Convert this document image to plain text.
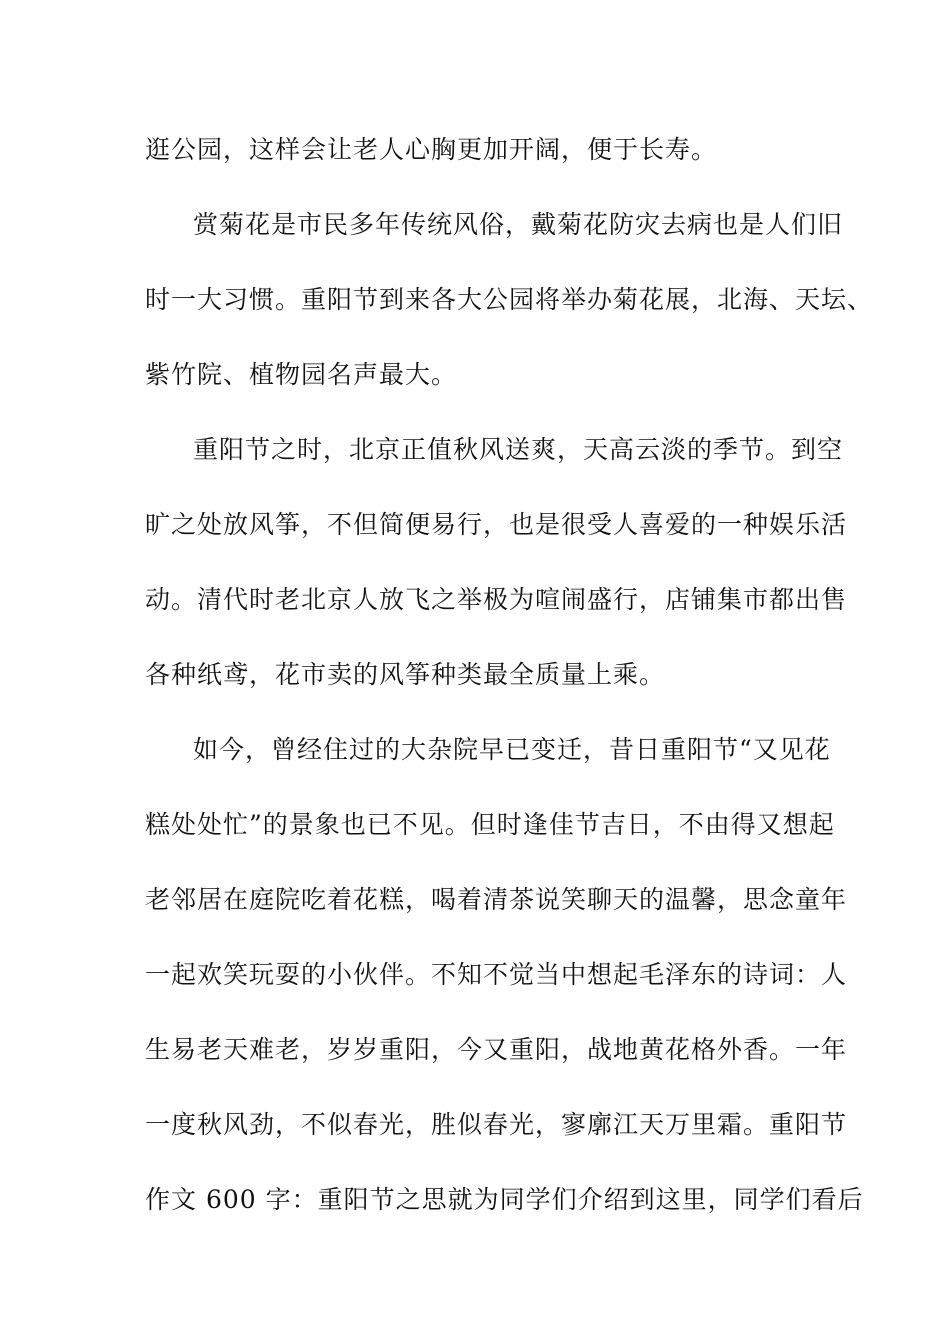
逛公园，这样会让老人心胸更加开阔，便于长寿。
赏菊花是市民多年传统风俗，戴菊花防灾去病也是人们旧
时一大习惯。重阳节到来各大公园将举办菊花展，北海、天坛、
紫竹院、植物园名声最大。
重阳节之时，北京正值秋风送爽，天高云淡的季节。到空
旷之处放风筝，不但简便易行，也是很受人喜爱的一种娱乐活
动。清代时老北京人放飞之举极为喧闹盛行，店铺集市都出售
各种纸鸢，花市卖的风筝种类最全质量上乘。
如今，曾经住过的大杂院早已变迁，昔日重阳节“又见花
糕处处忙”的景象也已不见。但时逢佳节吉日，不由得又想起
老邻居在庭院吃着花糕，喝着清茶说笑聊天的温馨，思念童年
一起欢笑玩耍的小伙伴。不知不觉当中想起毛泽东的诗词：人
生易老天难老，岁岁重阳，今又重阳，战地黄花格外香。一年
一度秋风劲，不似春光，胜似春光，寥廓江天万里霜。重阳节
作文 600 字：重阳节之思就为同学们介绍到这里，同学们看后
